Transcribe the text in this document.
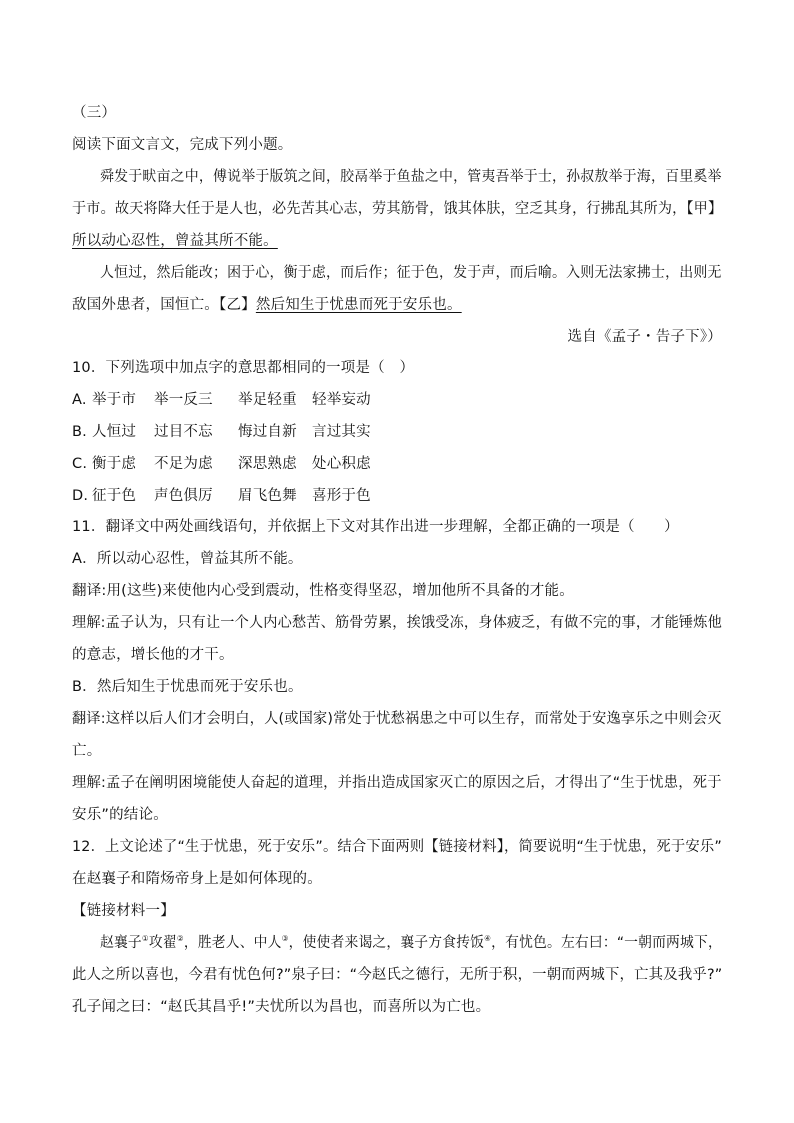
（三）
阅读下面文言文，完成下列小题。
舜发于畎亩之中，傅说举于版筑之间，胶鬲举于鱼盐之中，管夷吾举于士，孙叔敖举于海，百里奚举
于市。故天将降大任于是人也，必先苦其心志，劳其筋骨，饿其体肤，空乏其身，行拂乱其所为，【甲】
所以动心忍性，曾益其所不能。
人恒过，然后能改；困于心，衡于虑，而后作；征于色，发于声，而后喻。入则无法家拂士，出则无
敌国外患者，国恒亡。【乙】然后知生于忧患而死于安乐也。
选自《孟子・告子下》）
10．下列选项中加点字的意思都相同的一项是（　）
A. 举于市 举一反三 举足轻重 轻举妄动
B. 人恒过 过目不忘 悔过自新 言过其实
C. 衡于虑 不足为虑 深思熟虑 处心积虑
D. 征于色 声色俱厉 眉飞色舞 喜形于色
11．翻译文中两处画线语句，并依据上下文对其作出进一步理解，全都正确的一项是（　　）
A．所以动心忍性，曾益其所不能。
翻译:用(这些)来使他内心受到震动，性格变得坚忍，增加他所不具备的才能。
理解:孟子认为，只有让一个人内心愁苦、筋骨劳累，挨饿受冻，身体疲乏，有做不完的事，才能锤炼他
的意志，增长他的才干。
B．然后知生于忧患而死于安乐也。
翻译:这样以后人们才会明白，人(或国家)常处于忧愁祸患之中可以生存，而常处于安逸享乐之中则会灭
亡。
理解:孟子在阐明困境能使人奋起的道理，并指出造成国家灭亡的原因之后，才得出了“生于忧患，死于
安乐”的结论。
12．上文论述了“生于忧患，死于安乐”。结合下面两则【链接材料】，简要说明“生于忧患，死于安乐”
在赵襄子和隋炀帝身上是如何体现的。
【链接材料一】
赵襄子①攻翟②，胜老人、中人③，使使者来谒之，襄子方食抟饭④，有忧色。左右曰：“一朝而两城下，
此人之所以喜也，今君有忧色何?”泉子曰：“今赵氏之德行，无所于积，一朝而两城下，亡其及我乎?”
孔子闻之曰：“赵氏其昌乎!”夫忧所以为昌也，而喜所以为亡也。
